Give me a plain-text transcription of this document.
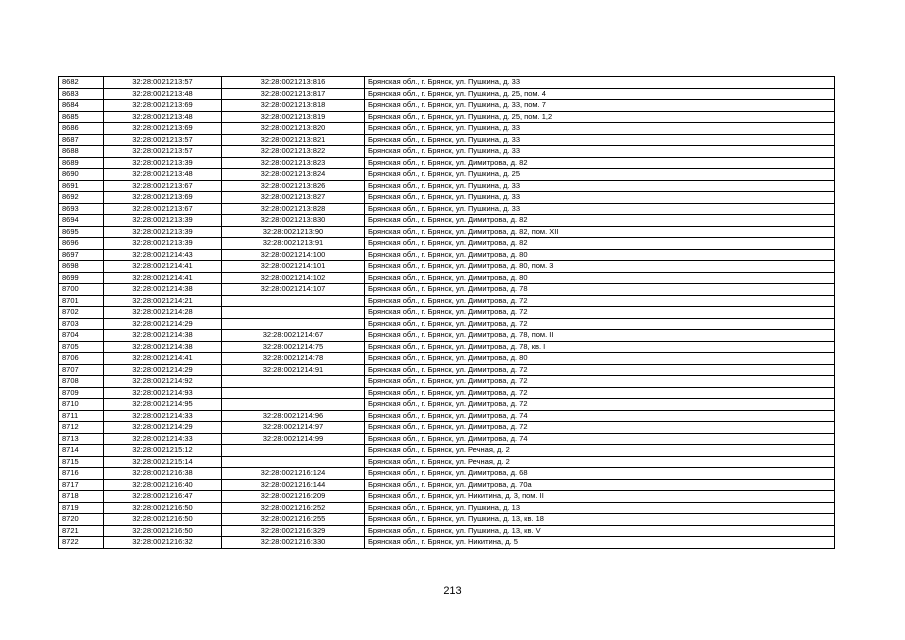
8682	32:28:0021213:57	32:28:0021213:816	Брянская обл., г. Брянск, ул. Пушкина, д. 33
8683	32:28:0021213:48	32:28:0021213:817	Брянская обл., г. Брянск, ул. Пушкина, д. 25, пом. 4
8684	32:28:0021213:69	32:28:0021213:818	Брянская обл., г. Брянск, ул. Пушкина, д. 33, пом. 7
8685	32:28:0021213:48	32:28:0021213:819	Брянская обл., г. Брянск, ул. Пушкина, д. 25, пом. 1,2
8686	32:28:0021213:69	32:28:0021213:820	Брянская обл., г. Брянск, ул. Пушкина, д. 33
8687	32:28:0021213:57	32:28:0021213:821	Брянская обл., г. Брянск, ул. Пушкина, д. 33
8688	32:28:0021213:57	32:28:0021213:822	Брянская обл., г. Брянск, ул. Пушкина, д. 33
8689	32:28:0021213:39	32:28:0021213:823	Брянская обл., г. Брянск, ул. Димитрова, д. 82
8690	32:28:0021213:48	32:28:0021213:824	Брянская обл., г. Брянск, ул. Пушкина, д. 25
8691	32:28:0021213:67	32:28:0021213:826	Брянская обл., г. Брянск, ул. Пушкина, д. 33
8692	32:28:0021213:69	32:28:0021213:827	Брянская обл., г. Брянск, ул. Пушкина, д. 33
8693	32:28:0021213:67	32:28:0021213:828	Брянская обл., г. Брянск, ул. Пушкина, д. 33
8694	32:28:0021213:39	32:28:0021213:830	Брянская обл., г. Брянск, ул. Димитрова, д. 82
8695	32:28:0021213:39	32:28:0021213:90	Брянская обл., г. Брянск, ул. Димитрова, д. 82, пом. XII
8696	32:28:0021213:39	32:28:0021213:91	Брянская обл., г. Брянск, ул. Димитрова, д. 82
8697	32:28:0021214:43	32:28:0021214:100	Брянская обл., г. Брянск, ул. Димитрова, д. 80
8698	32:28:0021214:41	32:28:0021214:101	Брянская обл., г. Брянск, ул. Димитрова, д. 80, пом. 3
8699	32:28:0021214:41	32:28:0021214:102	Брянская обл., г. Брянск, ул. Димитрова, д. 80
8700	32:28:0021214:38	32:28:0021214:107	Брянская обл., г. Брянск, ул. Димитрова, д. 78
8701	32:28:0021214:21		Брянская обл., г. Брянск, ул. Димитрова, д. 72
8702	32:28:0021214:28		Брянская обл., г. Брянск, ул. Димитрова, д. 72
8703	32:28:0021214:29		Брянская обл., г. Брянск, ул. Димитрова, д. 72
8704	32:28:0021214:38	32:28:0021214:67	Брянская обл., г. Брянск, ул. Димитрова, д. 78, пом. II
8705	32:28:0021214:38	32:28:0021214:75	Брянская обл., г. Брянск, ул. Димитрова, д. 78, кв. I
8706	32:28:0021214:41	32:28:0021214:78	Брянская обл., г. Брянск, ул. Димитрова, д. 80
8707	32:28:0021214:29	32:28:0021214:91	Брянская обл., г. Брянск, ул. Димитрова, д. 72
8708	32:28:0021214:92		Брянская обл., г. Брянск, ул. Димитрова, д. 72
8709	32:28:0021214:93		Брянская обл., г. Брянск, ул. Димитрова, д. 72
8710	32:28:0021214:95		Брянская обл., г. Брянск, ул. Димитрова, д. 72
8711	32:28:0021214:33	32:28:0021214:96	Брянская обл., г. Брянск, ул. Димитрова, д. 74
8712	32:28:0021214:29	32:28:0021214:97	Брянская обл., г. Брянск, ул. Димитрова, д. 72
8713	32:28:0021214:33	32:28:0021214:99	Брянская обл., г. Брянск, ул. Димитрова, д. 74
8714	32:28:0021215:12		Брянская обл., г. Брянск, ул. Речная, д. 2
8715	32:28:0021215:14		Брянская обл., г. Брянск, ул. Речная, д. 2
8716	32:28:0021216:38	32:28:0021216:124	Брянская обл., г. Брянск, ул. Димитрова, д. 68
8717	32:28:0021216:40	32:28:0021216:144	Брянская обл., г. Брянск, ул. Димитрова, д. 70а
8718	32:28:0021216:47	32:28:0021216:209	Брянская обл., г. Брянск, ул. Никитина, д. 3, пом. II
8719	32:28:0021216:50	32:28:0021216:252	Брянская обл., г. Брянск, ул. Пушкина, д. 13
8720	32:28:0021216:50	32:28:0021216:255	Брянская обл., г. Брянск, ул. Пушкина, д. 13, кв. 18
8721	32:28:0021216:50	32:28:0021216:329	Брянская обл., г. Брянск, ул. Пушкина, д. 13, кв. V
8722	32:28:0021216:32	32:28:0021216:330	Брянская обл., г. Брянск, ул. Никитина, д. 5
213
